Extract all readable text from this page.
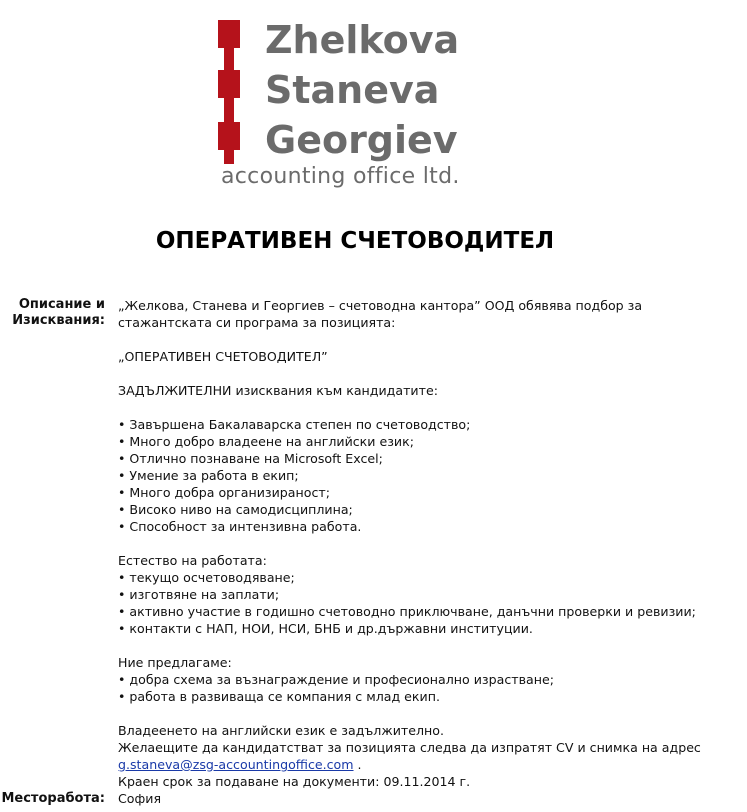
Zhelkova
Staneva
Georgiev
accounting office ltd.
ОПЕРАТИВЕН СЧЕТОВОДИТЕЛ
Описание и
Изисквания:

„Желкова, Станева и Георгиев – счетоводна кантора” ООД обявява подбор за стажантската си програма за позицията:

„ОПЕРАТИВЕН СЧЕТОВОДИТЕЛ”

ЗАДЪЛЖИТЕЛНИ изисквания към кандидатите:

• Завършена Бакалаварска степен по счетоводство;

• Много добро владеене на английски език;

• Отлично познаване на Microsoft Excel;

• Умение за работа в екип;

• Много добра организираност;

• Високо ниво на самодисциплина;

• Способност за интензивна работа.

Естество на работата:

• текущо осчетоводяване;

• изготвяне на заплати;

• активно участие в годишно счетоводно приключване, данъчни проверки и ревизии;

• контакти с НАП, НОИ, НСИ, БНБ и др.държавни институции.

Ние предлагаме:

• добра схема за възнаграждение и професионално израстване;

• работа в развиваща се компания с млад екип.

Владеенето на английски език е задължително.

Желаещите да кандидатстват за позицията следва да изпратят CV и снимка на адрес

g.staneva@zsg-accountingoffice.com .

Краен срок за подаване на документи: 09.11.2014 г.

Месторабота: София
